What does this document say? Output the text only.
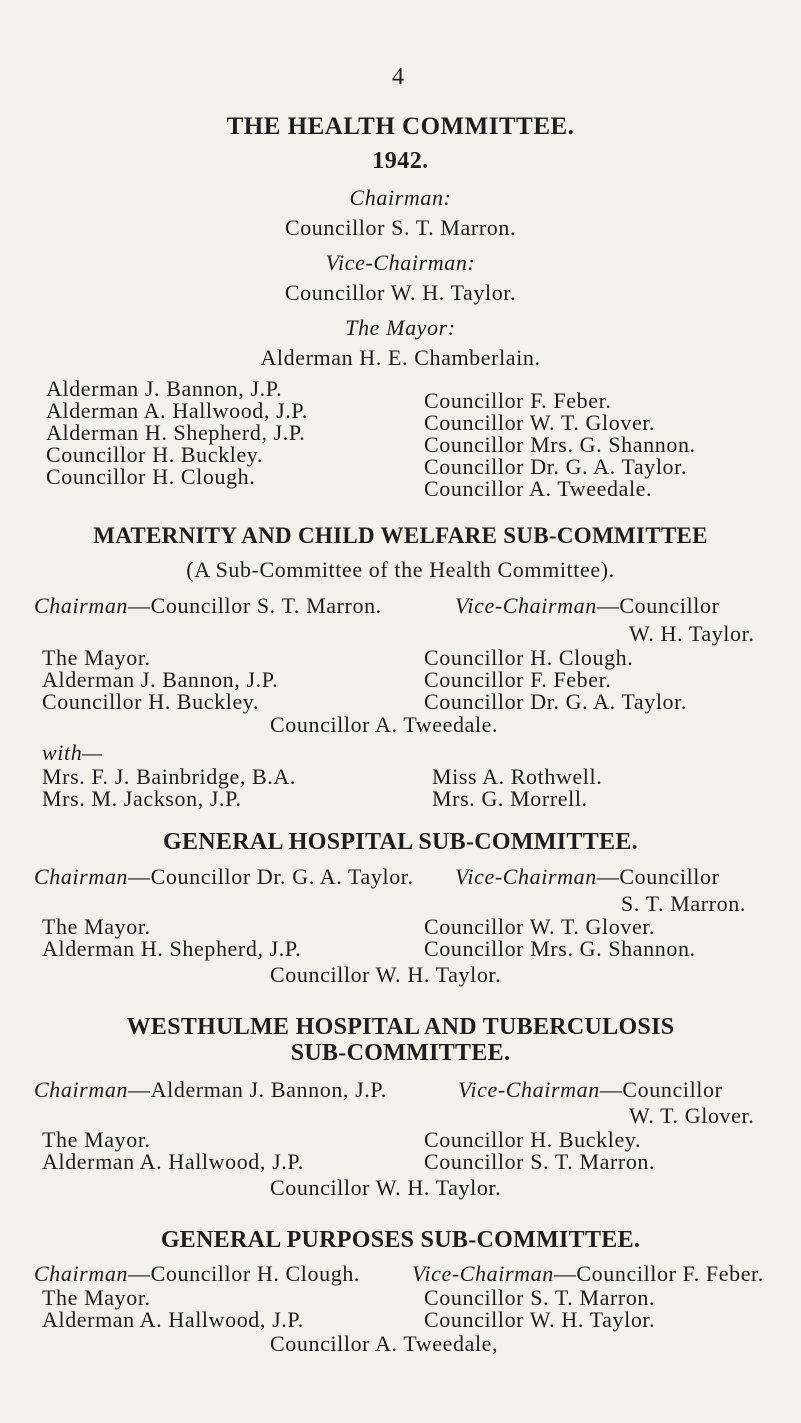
4
THE HEALTH COMMITTEE.
1942.
Chairman:
Councillor S. T. Marron.
Vice-Chairman:
Councillor W. H. Taylor.
The Mayor:
Alderman H. E. Chamberlain.
Alderman J. Bannon, J.P.
Alderman A. Hallwood, J.P.
Alderman H. Shepherd, J.P.
Councillor H. Buckley.
Councillor H. Clough.
Councillor F. Feber.
Councillor W. T. Glover.
Councillor Mrs. G. Shannon.
Councillor Dr. G. A. Taylor.
Councillor A. Tweedale.
MATERNITY AND CHILD WELFARE SUB-COMMITTEE
(A Sub-Committee of the Health Committee).
Chairman—Councillor S. T. Marron.	Vice-Chairman—Councillor
W. H. Taylor.
The Mayor.
Alderman J. Bannon, J.P.
Councillor H. Buckley.
Councillor H. Clough.
Councillor F. Feber.
Councillor Dr. G. A. Taylor.
Councillor A. Tweedale.
with—
Mrs. F. J. Bainbridge, B.A.
Mrs. M. Jackson, J.P.
Miss A. Rothwell.
Mrs. G. Morrell.
GENERAL HOSPITAL SUB-COMMITTEE.
Chairman—Councillor Dr. G. A. Taylor. Vice-Chairman—Councillor
S. T. Marron.
The Mayor.
Alderman H. Shepherd, J.P.
Councillor W. T. Glover.
Councillor Mrs. G. Shannon.
Councillor W. H. Taylor.
WESTHULME HOSPITAL AND TUBERCULOSIS
SUB-COMMITTEE.
Chairman—Alderman J. Bannon, J.P.	Vice-Chairman—Councillor
W. T. Glover.
The Mayor.
Alderman A. Hallwood, J.P.
Councillor H. Buckley.
Councillor S. T. Marron.
Councillor W. H. Taylor.
GENERAL PURPOSES SUB-COMMITTEE.
Chairman—Councillor H. Clough. Vice-Chairman—Councillor F. Feber.
The Mayor.
Alderman A. Hallwood, J.P.
Councillor S. T. Marron.
Councillor W. H. Taylor.
Councillor A. Tweedale,
